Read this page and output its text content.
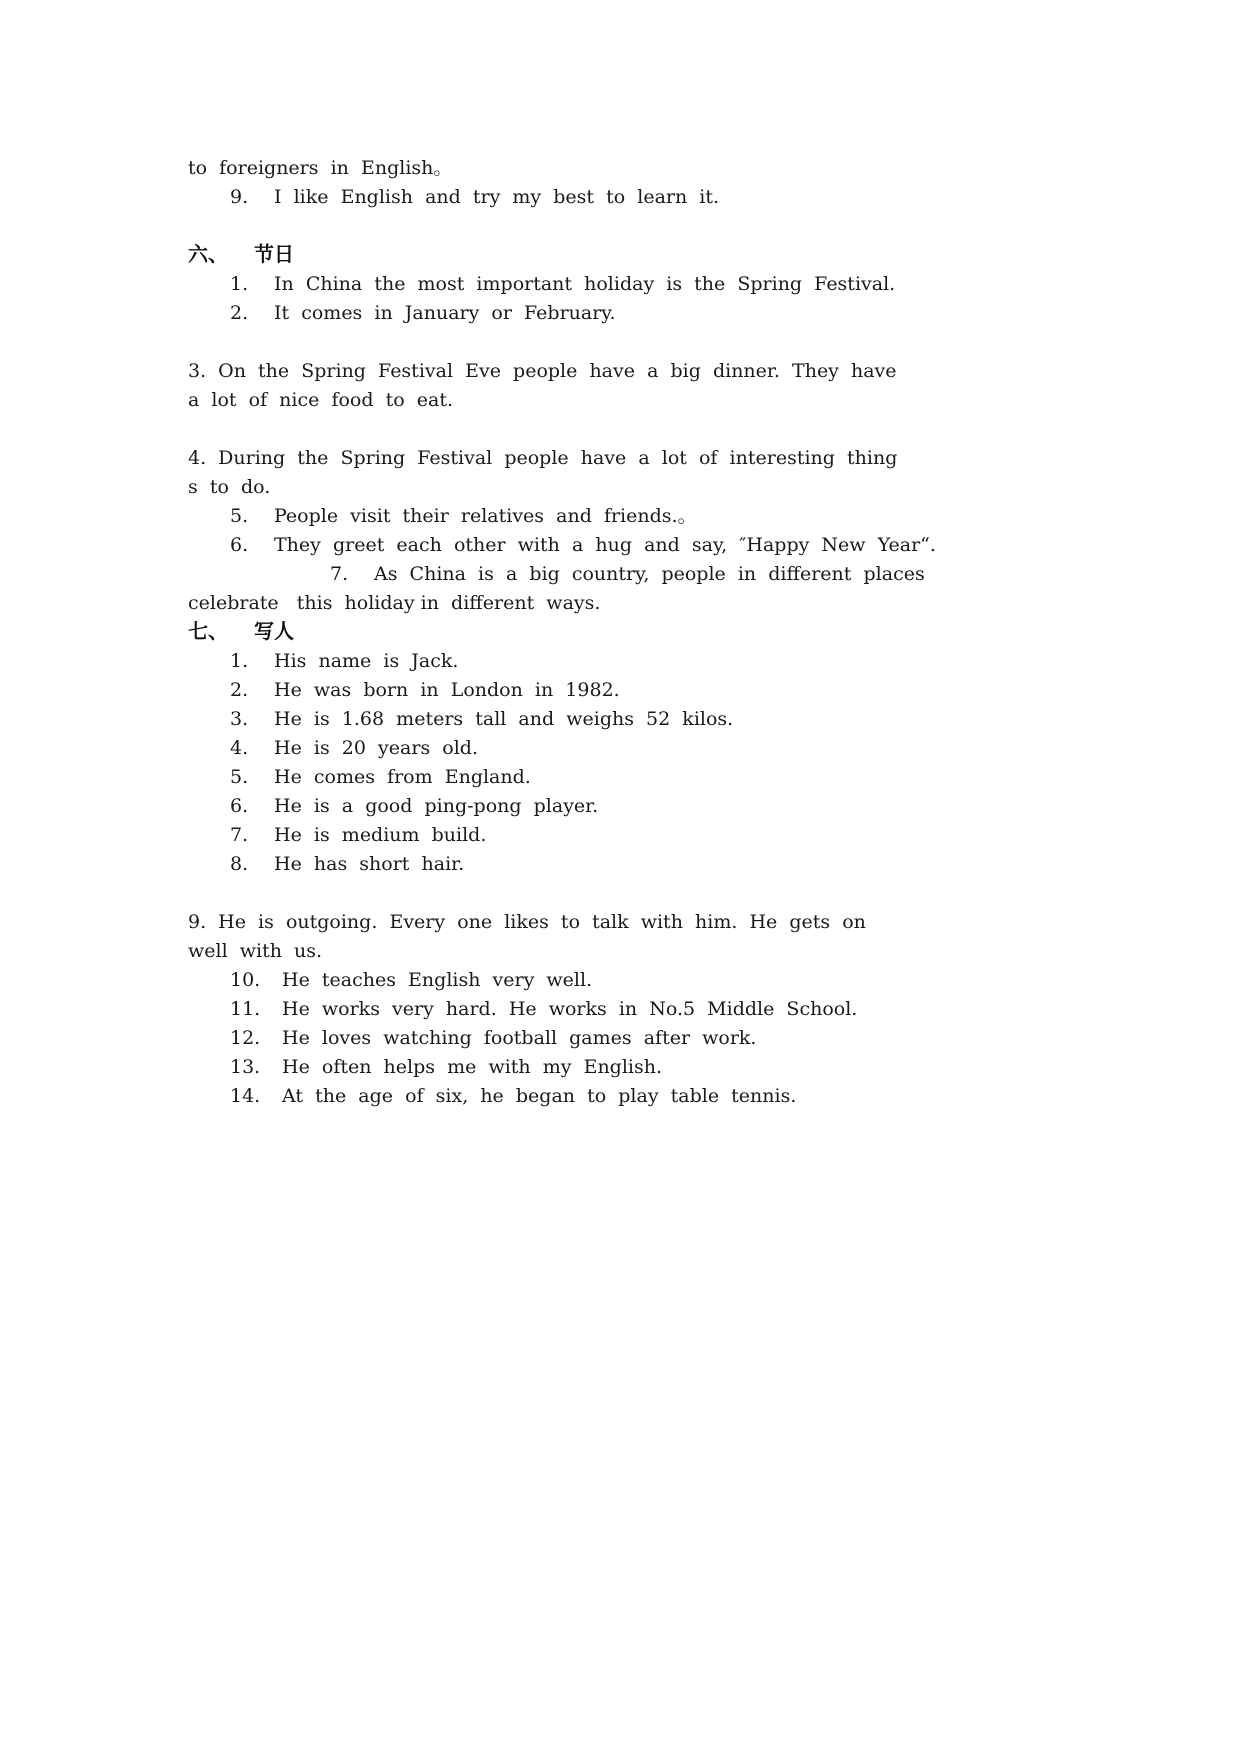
to  foreigners  in  English。
9. I  like  English  and  try  my  best  to  learn  it.
六、 节日
1. In  China  the  most  important  holiday  is  the  Spring  Festival.
2. It  comes  in  January  or  February.
3. On  the  Spring  Festival  Eve  people  have  a  big  dinner.  They  have
a  lot  of  nice  food  to  eat.
4. During  the  Spring  Festival  people  have  a  lot  of  interesting  thing
s  to  do.
5. People  visit  their  relatives  and  friends.。
6. They  greet  each  other  with  a  hug  and  say,  ″Happy  New  Year“.
7. As  China  is  a  big  country,  people  in  different  places
celebrate   this  holiday in  different  ways.
七、 写人
1. His  name  is  Jack.
2. He  was  born  in  London  in  1982.
3. He  is  1.68  meters  tall  and  weighs  52  kilos.
4. He  is  20  years  old.
5. He  comes  from  England.
6. He  is  a  good  ping-pong  player.
7. He  is  medium  build.
8. He  has  short  hair.
9. He  is  outgoing.  Every  one  likes  to  talk  with  him.  He  gets  on
well  with  us.
10. He  teaches  English  very  well.
11. He  works  very  hard.  He  works  in  No.5  Middle  School.
12. He  loves  watching  football  games  after  work.
13. He  often  helps  me  with  my  English.
14. At  the  age  of  six,  he  began  to  play  table  tennis.
